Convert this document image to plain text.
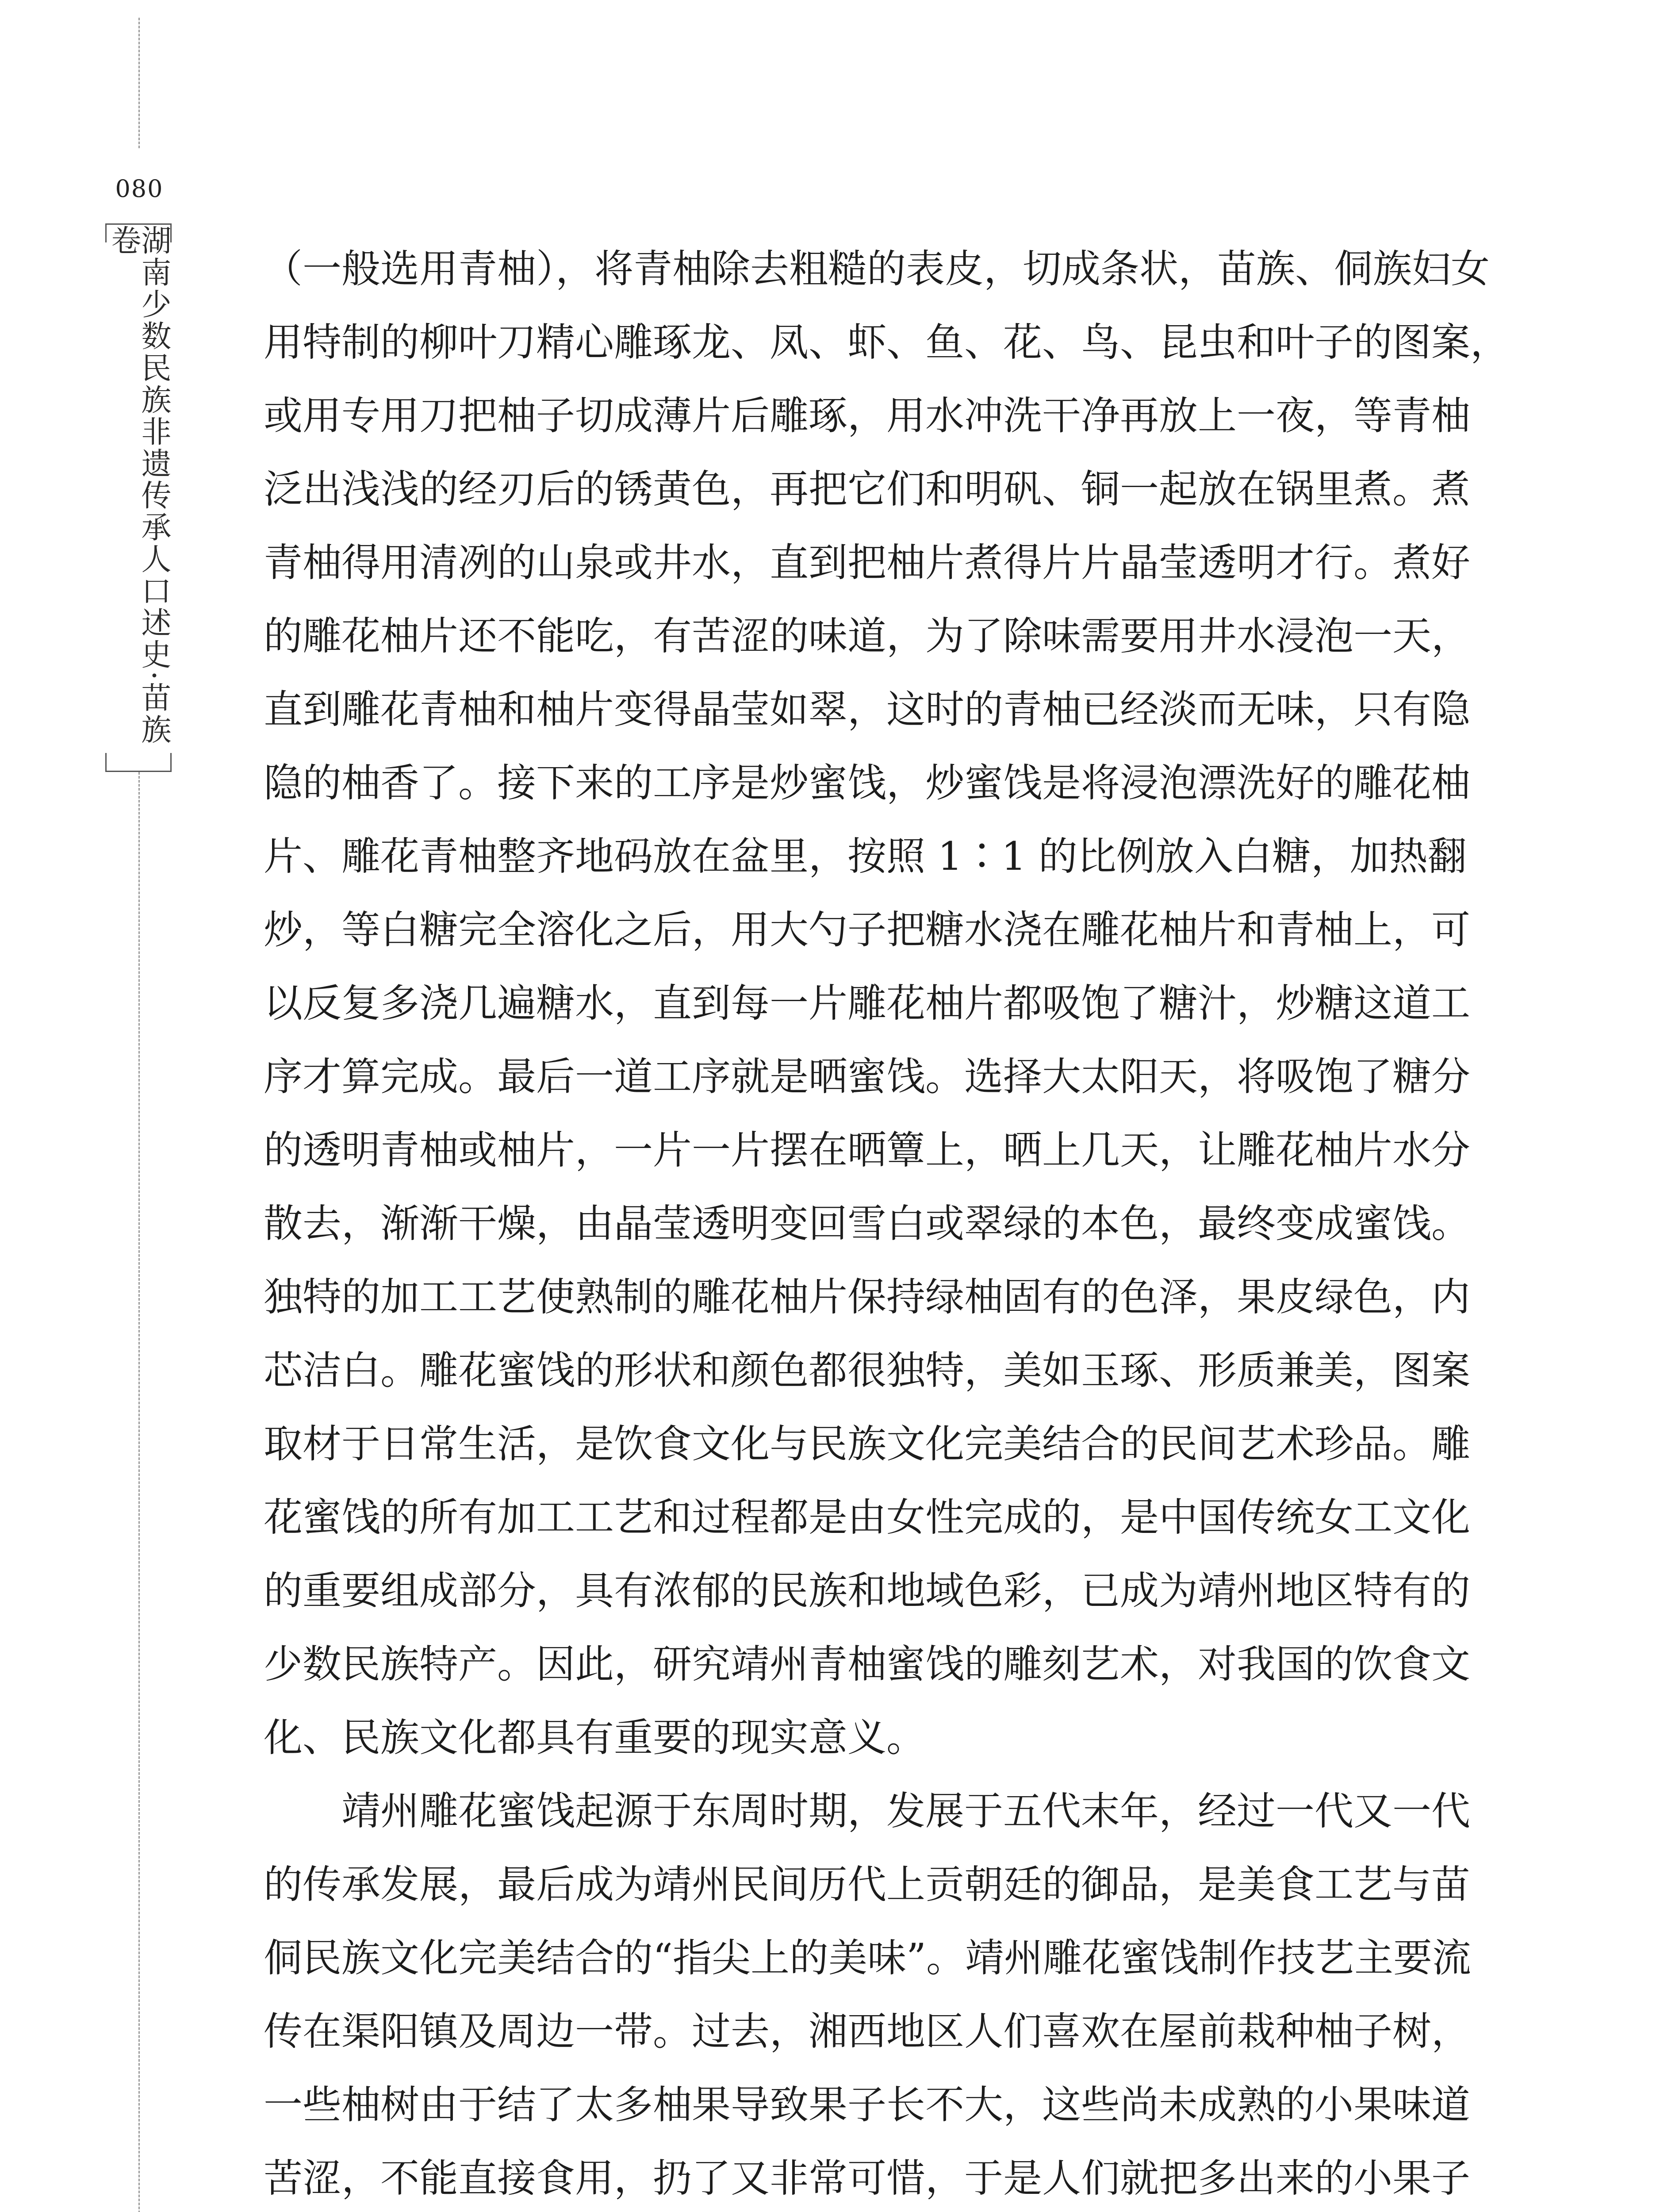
080
湖南少数民族非遗传承人口述史·苗族卷
（一般选用青柚），将青柚除去粗糙的表皮，切成条状，苗族、侗族妇女
用特制的柳叶刀精心雕琢龙、凤、虾、鱼、花、鸟、昆虫和叶子的图案，
或用专用刀把柚子切成薄片后雕琢，用水冲洗干净再放上一夜，等青柚
泛出浅浅的经刃后的锈黄色，再把它们和明矾、铜一起放在锅里煮。煮
青柚得用清冽的山泉或井水，直到把柚片煮得片片晶莹透明才行。煮好
的雕花柚片还不能吃，有苦涩的味道，为了除味需要用井水浸泡一天，
直到雕花青柚和柚片变得晶莹如翠，这时的青柚已经淡而无味，只有隐
隐的柚香了。接下来的工序是炒蜜饯，炒蜜饯是将浸泡漂洗好的雕花柚
片、雕花青柚整齐地码放在盆里，按照 1∶1 的比例放入白糖，加热翻
炒，等白糖完全溶化之后，用大勺子把糖水浇在雕花柚片和青柚上，可
以反复多浇几遍糖水，直到每一片雕花柚片都吸饱了糖汁，炒糖这道工
序才算完成。最后一道工序就是晒蜜饯。选择大太阳天，将吸饱了糖分
的透明青柚或柚片，一片一片摆在晒簟上，晒上几天，让雕花柚片水分
散去，渐渐干燥，由晶莹透明变回雪白或翠绿的本色，最终变成蜜饯。
独特的加工工艺使熟制的雕花柚片保持绿柚固有的色泽，果皮绿色，内
芯洁白。雕花蜜饯的形状和颜色都很独特，美如玉琢、形质兼美，图案
取材于日常生活，是饮食文化与民族文化完美结合的民间艺术珍品。雕
花蜜饯的所有加工工艺和过程都是由女性完成的，是中国传统女工文化
的重要组成部分，具有浓郁的民族和地域色彩，已成为靖州地区特有的
少数民族特产。因此，研究靖州青柚蜜饯的雕刻艺术，对我国的饮食文
化、民族文化都具有重要的现实意义。
靖州雕花蜜饯起源于东周时期，发展于五代末年，经过一代又一代
的传承发展，最后成为靖州民间历代上贡朝廷的御品，是美食工艺与苗
侗民族文化完美结合的“指尖上的美味”。靖州雕花蜜饯制作技艺主要流
传在渠阳镇及周边一带。过去，湘西地区人们喜欢在屋前栽种柚子树，
一些柚树由于结了太多柚果导致果子长不大，这些尚未成熟的小果味道
苦涩，不能直接食用，扔了又非常可惜，于是人们就把多出来的小果子
